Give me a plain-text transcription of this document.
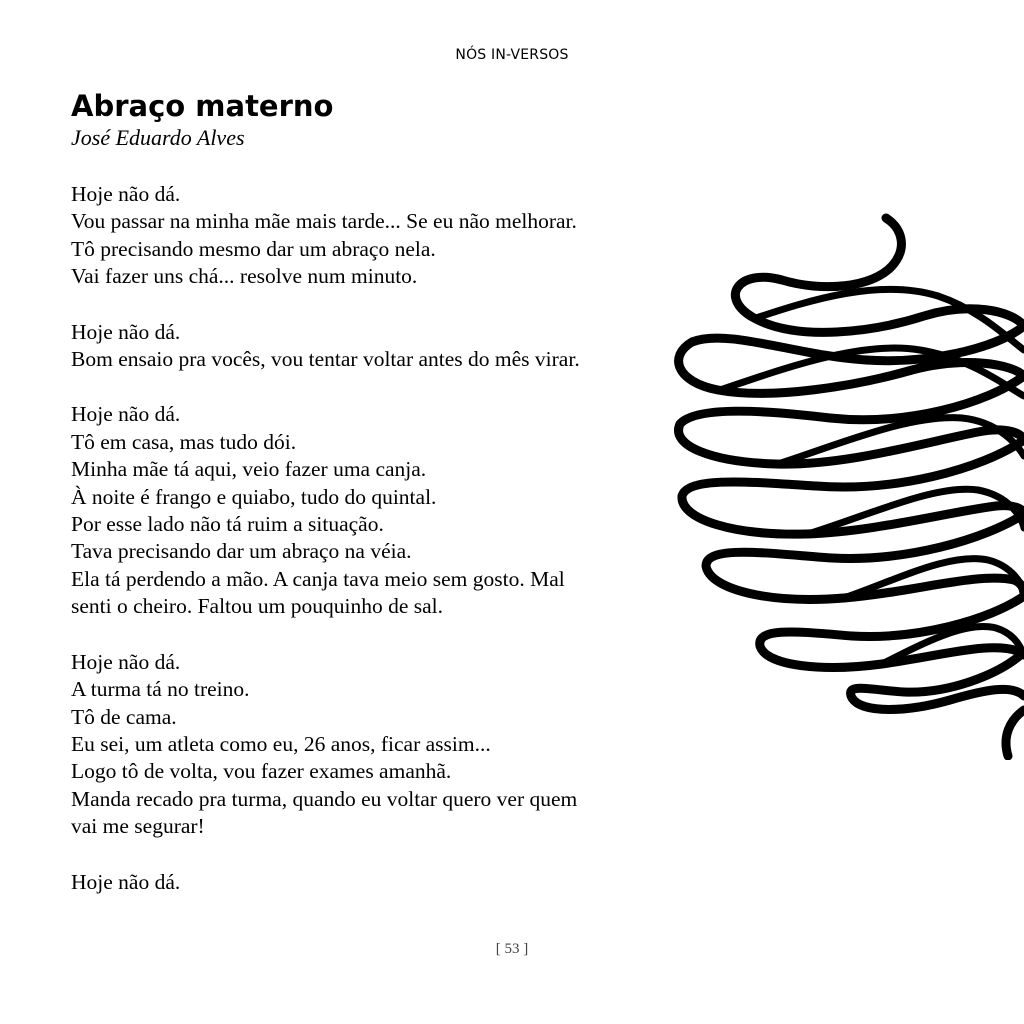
NÓS IN-VERSOS
Abraço materno
José Eduardo Alves

Hoje não dá.
Vou passar na minha mãe mais tarde... Se eu não melhorar.
Tô precisando mesmo dar um abraço nela.
Vai fazer uns chá... resolve num minuto.

Hoje não dá.
Bom ensaio pra vocês, vou tentar voltar antes do mês virar.

Hoje não dá.
Tô em casa, mas tudo dói.
Minha mãe tá aqui, veio fazer uma canja.
À noite é frango e quiabo, tudo do quintal.
Por esse lado não tá ruim a situação.
Tava precisando dar um abraço na véia.
Ela tá perdendo a mão. A canja tava meio sem gosto. Mal
senti o cheiro. Faltou um pouquinho de sal.

Hoje não dá.
A turma tá no treino.
Tô de cama.
Eu sei, um atleta como eu, 26 anos, ficar assim...
Logo tô de volta, vou fazer exames amanhã.
Manda recado pra turma, quando eu voltar quero ver quem
vai me segurar!

Hoje não dá.

[ 53 ]
